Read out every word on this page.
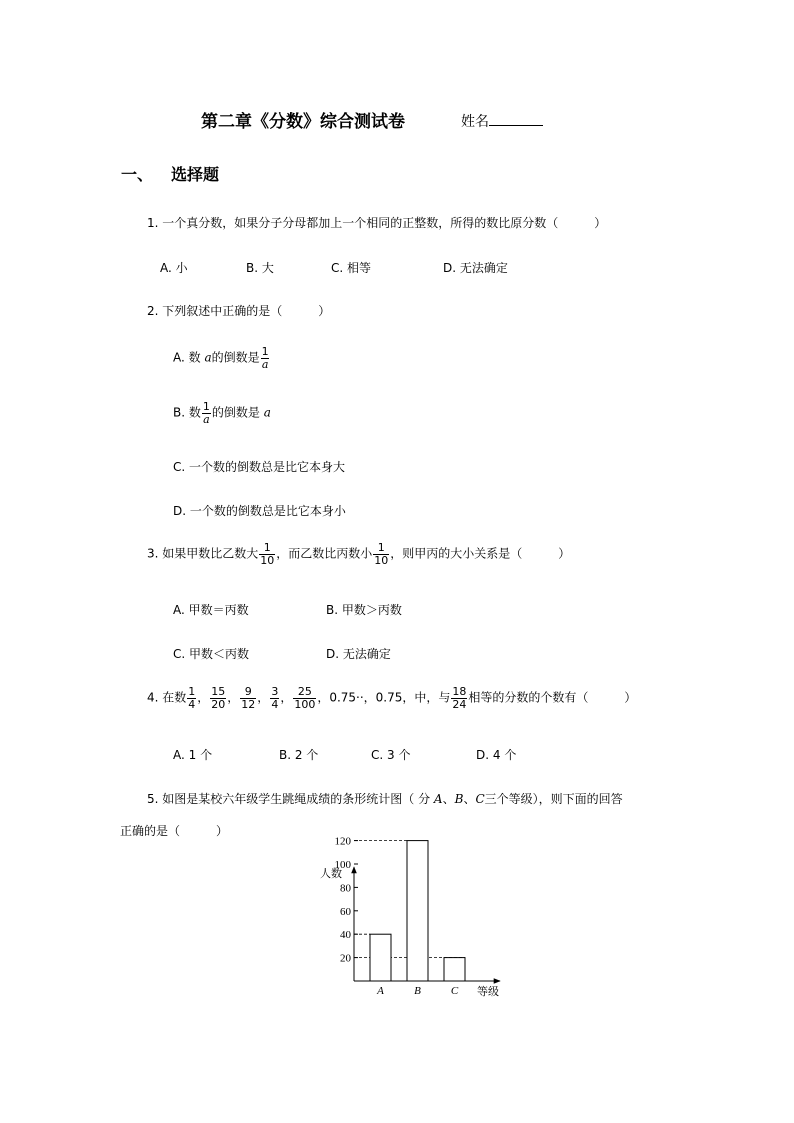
第二章《分数》综合测试卷	姓名
一、 选择题
1. 一个真分数，如果分子分母都加上一个相同的正整数，所得的数比原分数（　　　）
A. 小	B. 大	C. 相等	D. 无法确定
2. 下列叙述中正确的是（　　　）
A. 数 a的倒数是 $\frac{1}{a}$
B. 数 $\frac{1}{a}$ 的倒数是 a
C. 一个数的倒数总是比它本身大
D. 一个数的倒数总是比它本身小
3. 如果甲数比乙数大 $\frac{1}{10}$ ，而乙数比丙数小 $\frac{1}{10}$ ，则甲丙的大小关系是（　　　）
A. 甲数＝丙数	B. 甲数＞丙数
C. 甲数＜丙数	D. 无法确定
4. 在数 $\frac{1}{4}$ ， $\frac{15}{20}$ ， $\frac{9}{12}$ ， $\frac{3}{4}$ ， $\frac{25}{100}$ ，0.75··，0.75，中，与 $\frac{18}{24}$ 相等的分数的个数有（　　　）
A. 1 个	B. 2 个	C. 3 个	D. 4 个
5. 如图是某校六年级学生跳绳成绩的条形统计图（ 分 A、B、C三个等级），则下面的回答
正确的是（　　　）
人数
等级
20
40
60
80
100
120
A	B	C
